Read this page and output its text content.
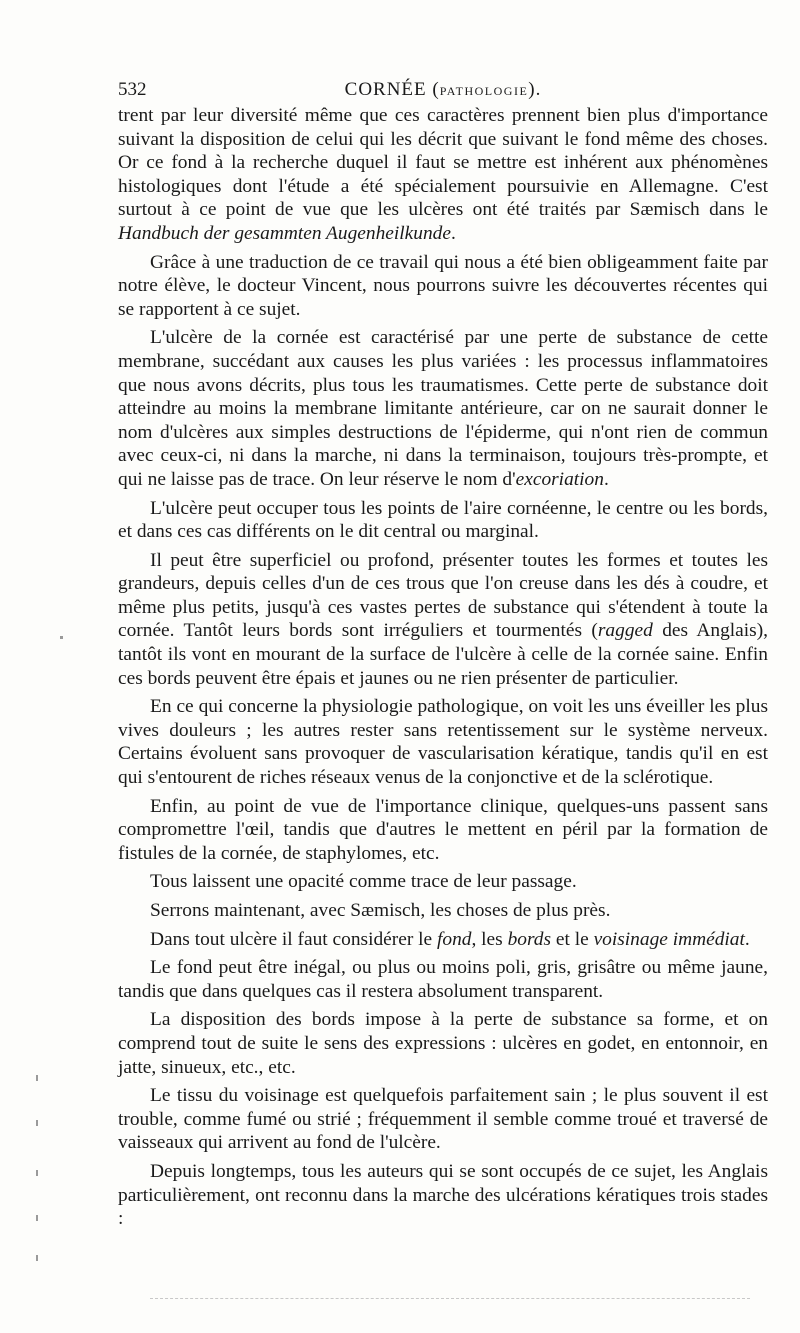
532	CORNÉE (PATHOLOGIE).

trent par leur diversité même que ces caractères prennent bien plus d'importance suivant la disposition de celui qui les décrit que suivant le fond même des choses. Or ce fond à la recherche duquel il faut se mettre est inhérent aux phénomènes histologiques dont l'étude a été spécialement poursuivie en Allemagne. C'est surtout à ce point de vue que les ulcères ont été traités par Sæmisch dans le Handbuch der gesammten Augenheilkunde.

Grâce à une traduction de ce travail qui nous a été bien obligeamment faite par notre élève, le docteur Vincent, nous pourrons suivre les découvertes récentes qui se rapportent à ce sujet.

L'ulcère de la cornée est caractérisé par une perte de substance de cette membrane, succédant aux causes les plus variées : les processus inflammatoires que nous avons décrits, plus tous les traumatismes. Cette perte de substance doit atteindre au moins la membrane limitante antérieure, car on ne saurait donner le nom d'ulcères aux simples destructions de l'épiderme, qui n'ont rien de commun avec ceux-ci, ni dans la marche, ni dans la terminaison, toujours très-prompte, et qui ne laisse pas de trace. On leur réserve le nom d'excoriation.

L'ulcère peut occuper tous les points de l'aire cornéenne, le centre ou les bords, et dans ces cas différents on le dit central ou marginal.

Il peut être superficiel ou profond, présenter toutes les formes et toutes les grandeurs, depuis celles d'un de ces trous que l'on creuse dans les dés à coudre, et même plus petits, jusqu'à ces vastes pertes de substance qui s'étendent à toute la cornée. Tantôt leurs bords sont irréguliers et tourmentés (ragged des Anglais), tantôt ils vont en mourant de la surface de l'ulcère à celle de la cornée saine. Enfin ces bords peuvent être épais et jaunes ou ne rien présenter de particulier.

En ce qui concerne la physiologie pathologique, on voit les uns éveiller les plus vives douleurs ; les autres rester sans retentissement sur le système nerveux. Certains évoluent sans provoquer de vascularisation kératique, tandis qu'il en est qui s'entourent de riches réseaux venus de la conjonctive et de la sclérotique.

Enfin, au point de vue de l'importance clinique, quelques-uns passent sans compromettre l'œil, tandis que d'autres le mettent en péril par la formation de fistules de la cornée, de staphylomes, etc.

Tous laissent une opacité comme trace de leur passage.

Serrons maintenant, avec Sæmisch, les choses de plus près.

Dans tout ulcère il faut considérer le fond, les bords et le voisinage immédiat.

Le fond peut être inégal, ou plus ou moins poli, gris, grisâtre ou même jaune, tandis que dans quelques cas il restera absolument transparent.

La disposition des bords impose à la perte de substance sa forme, et on comprend tout de suite le sens des expressions : ulcères en godet, en entonnoir, en jatte, sinueux, etc., etc.

Le tissu du voisinage est quelquefois parfaitement sain ; le plus souvent il est trouble, comme fumé ou strié ; fréquemment il semble comme troué et traversé de vaisseaux qui arrivent au fond de l'ulcère.

Depuis longtemps, tous les auteurs qui se sont occupés de ce sujet, les Anglais particulièrement, ont reconnu dans la marche des ulcérations kératiques trois stades :
